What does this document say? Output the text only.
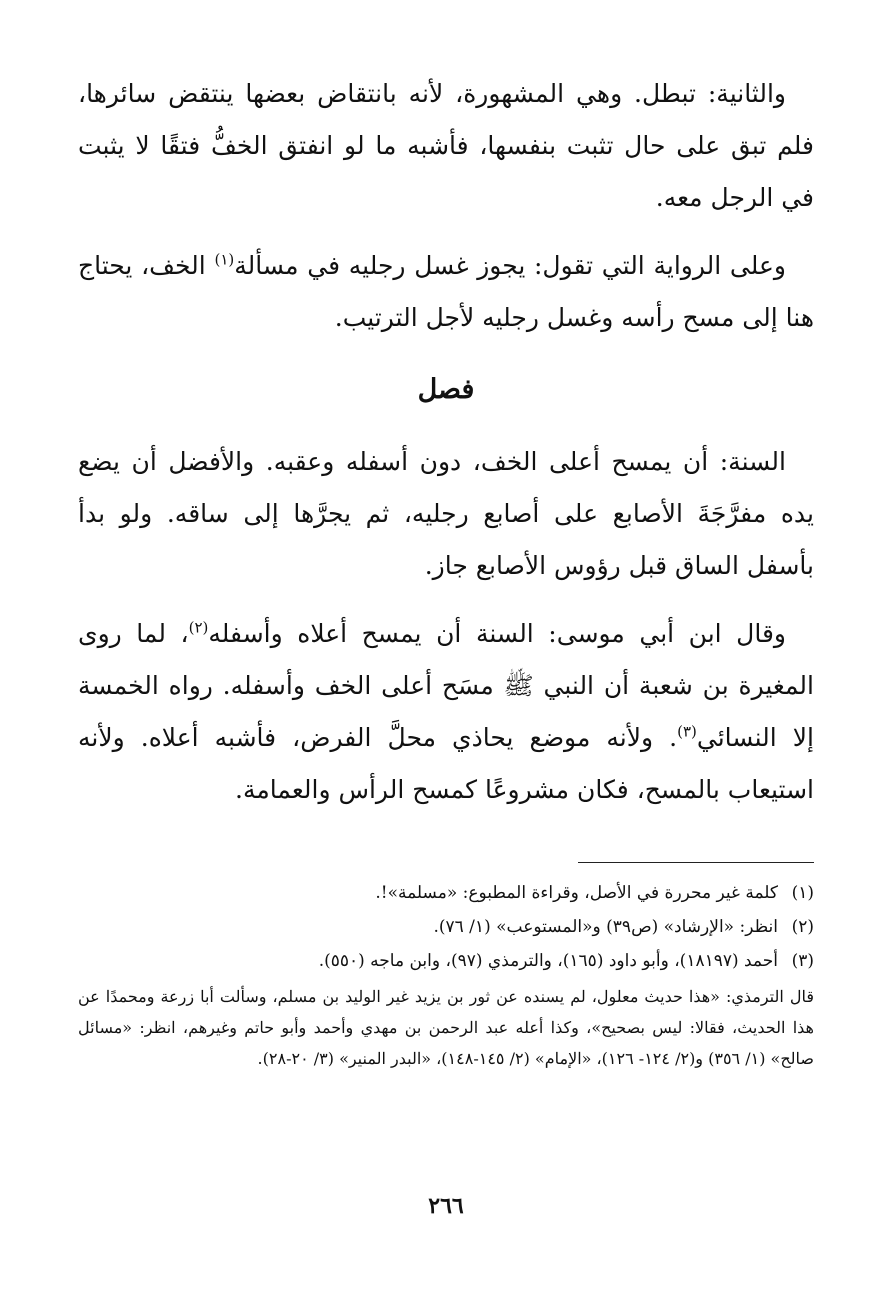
والثانية: تبطل. وهي المشهورة، لأنه بانتقاض بعضها ينتقض سائرها، فلم تبق على حال تثبت بنفسها، فأشبه ما لو انفتق الخفُّ فتقًا لا يثبت في الرجل معه.

وعلى الرواية التي تقول: يجوز غسل رجليه في مسألة$^{(١)}$ الخف، يحتاج هنا إلى مسح رأسه وغسل رجليه لأجل الترتيب.

فصل

السنة: أن يمسح أعلى الخف، دون أسفله وعقبه. والأفضل أن يضع يده مفرَّجَةَ الأصابع على أصابع رجليه، ثم يجرَّها إلى ساقه. ولو بدأ بأسفل الساق قبل رؤوس الأصابع جاز.

وقال ابن أبي موسى: السنة أن يمسح أعلاه وأسفله$^{(٢)}$، لما روى المغيرة بن شعبة أن النبي ﷺ مسَح أعلى الخف وأسفله. رواه الخمسة إلا النسائي$^{(٣)}$. ولأنه موضع يحاذي محلَّ الفرض، فأشبه أعلاه. ولأنه استيعاب بالمسح، فكان مشروعًا كمسح الرأس والعمامة.

(١)
كلمة غير محررة في الأصل، وقراءة المطبوع: «مسلمة»!.
(٢)
انظر: «الإرشاد» (ص٣٩) و«المستوعب» (١/ ٧٦).
(٣)
أحمد (١٨١٩٧)، وأبو داود (١٦٥)، والترمذي (٩٧)، وابن ماجه (٥٥٠).
قال الترمذي: «هذا حديث معلول، لم يسنده عن ثور بن يزيد غير الوليد بن مسلم، وسألت أبا زرعة ومحمدًا عن هذا الحديث، فقالا: ليس بصحيح»، وكذا أعله عبد الرحمن بن مهدي وأحمد وأبو حاتم وغيرهم، انظر: «مسائل صالح» (١/ ٣٥٦) و(٢/ ١٢٤- ١٢٦)، «الإمام» (٢/ ١٤٥-١٤٨)، «البدر المنير» (٣/ ٢٠-٢٨).
٢٦٦
